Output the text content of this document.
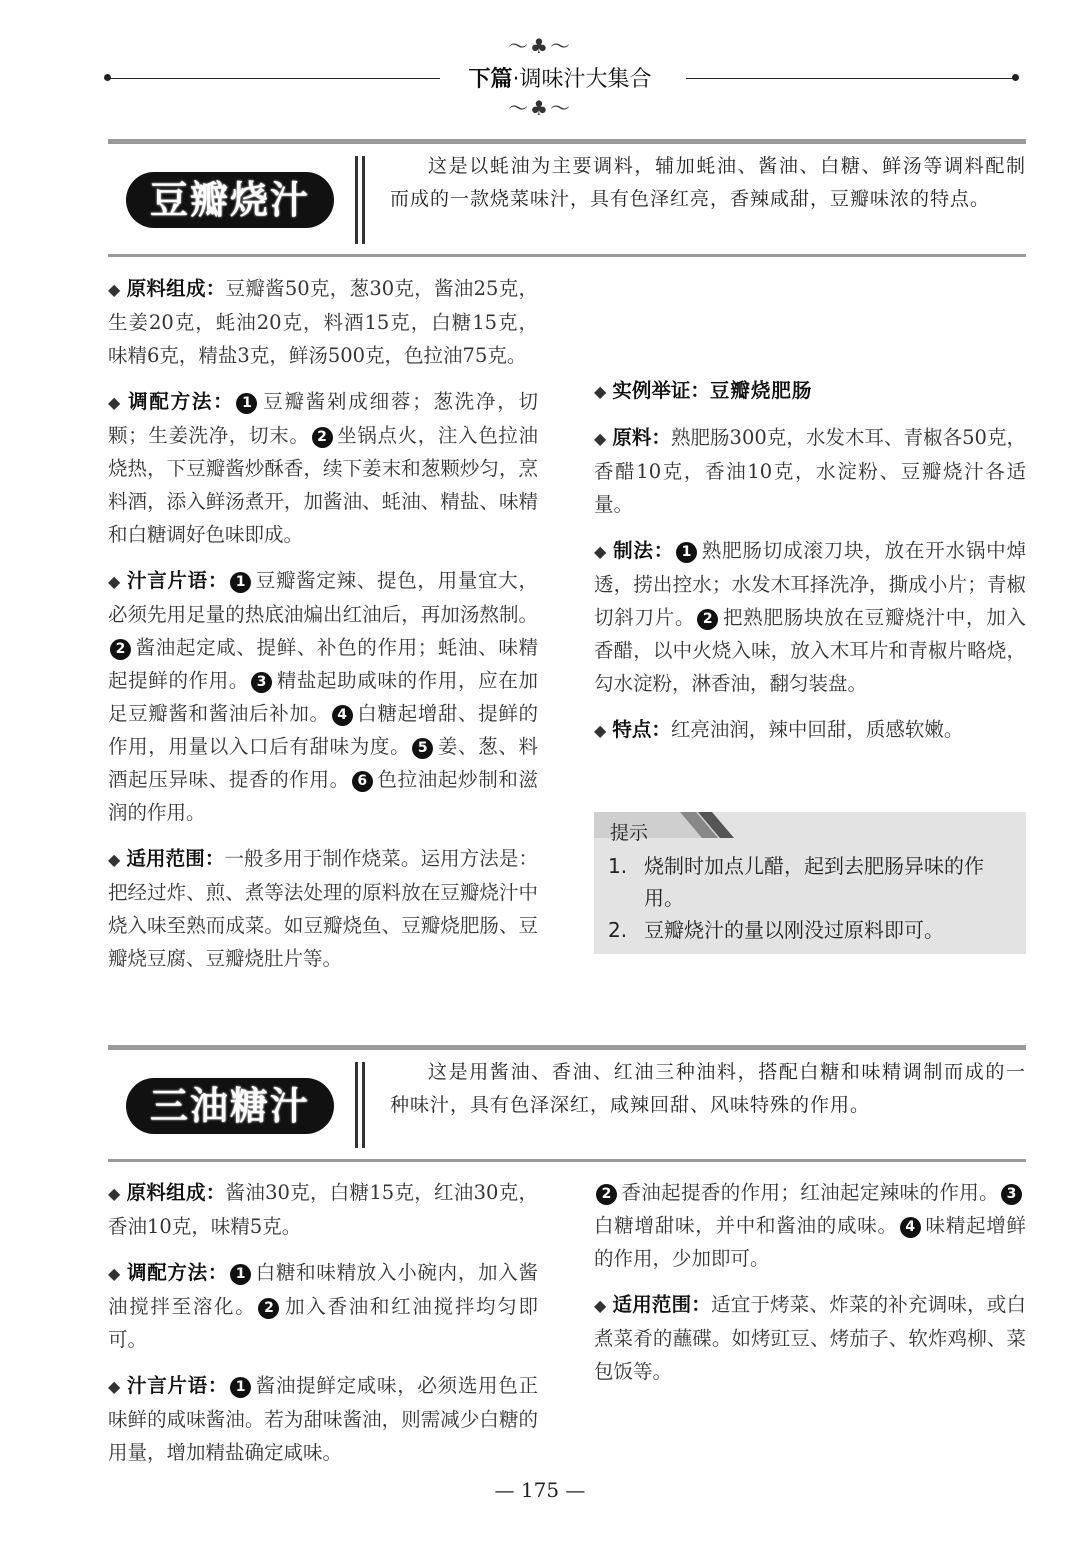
～♣～
下篇·调味汁大集合
～♣～
豆瓣烧汁
这是以蚝油为主要调料，辅加蚝油、酱油、白糖、鲜汤等调料配制而成的一款烧菜味汁，具有色泽红亮，香辣咸甜，豆瓣味浓的特点。

◆ 原料组成：豆瓣酱50克，葱30克，酱油25克，生姜20克，蚝油20克，料酒15克，白糖15克，味精6克，精盐3克，鲜汤500克，色拉油75克。

◆ 调配方法： 1 豆瓣酱剁成细蓉；葱洗净，切颗；生姜洗净，切末。 2 坐锅点火，注入色拉油烧热，下豆瓣酱炒酥香，续下姜末和葱颗炒匀，烹料酒，添入鲜汤煮开，加酱油、蚝油、精盐、味精和白糖调好色味即成。

◆ 汁言片语： 1 豆瓣酱定辣、提色，用量宜大，必须先用足量的热底油煸出红油后，再加汤熬制。2 酱油起定咸、提鲜、补色的作用；蚝油、味精起提鲜的作用。 3 精盐起助咸味的作用，应在加足豆瓣酱和酱油后补加。 4 白糖起增甜、提鲜的作用，用量以入口后有甜味为度。 5 姜、葱、料酒起压异味、提香的作用。 6 色拉油起炒制和滋润的作用。

◆ 适用范围：一般多用于制作烧菜。运用方法是：把经过炸、煎、煮等法处理的原料放在豆瓣烧汁中烧入味至熟而成菜。如豆瓣烧鱼、豆瓣烧肥肠、豆瓣烧豆腐、豆瓣烧肚片等。

◆ 实例举证：豆瓣烧肥肠

◆ 原料：熟肥肠300克，水发木耳、青椒各50克，香醋10克，香油10克，水淀粉、豆瓣烧汁各适量。

◆ 制法： 1 熟肥肠切成滚刀块，放在开水锅中焯透，捞出控水；水发木耳择洗净，撕成小片；青椒切斜刀片。 2 把熟肥肠块放在豆瓣烧汁中，加入香醋，以中火烧入味，放入木耳片和青椒片略烧，勾水淀粉，淋香油，翻匀装盘。

◆ 特点：红亮油润，辣中回甜，质感软嫩。

提示
1. 烧制时加点儿醋，起到去肥肠异味的作用。
2. 豆瓣烧汁的量以刚没过原料即可。
三油糖汁
这是用酱油、香油、红油三种油料，搭配白糖和味精调制而成的一种味汁，具有色泽深红，咸辣回甜、风味特殊的作用。

◆ 原料组成：酱油30克，白糖15克，红油30克，香油10克，味精5克。

◆ 调配方法： 1 白糖和味精放入小碗内，加入酱油搅拌至溶化。 2 加入香油和红油搅拌均匀即可。

◆ 汁言片语： 1 酱油提鲜定咸味，必须选用色正味鲜的咸味酱油。若为甜味酱油，则需减少白糖的用量，增加精盐确定咸味。

2 香油起提香的作用；红油起定辣味的作用。 3白糖增甜味，并中和酱油的咸味。 4 味精起增鲜的作用，少加即可。

◆ 适用范围：适宜于烤菜、炸菜的补充调味，或白煮菜肴的蘸碟。如烤豇豆、烤茄子、软炸鸡柳、菜包饭等。

— 175 —
